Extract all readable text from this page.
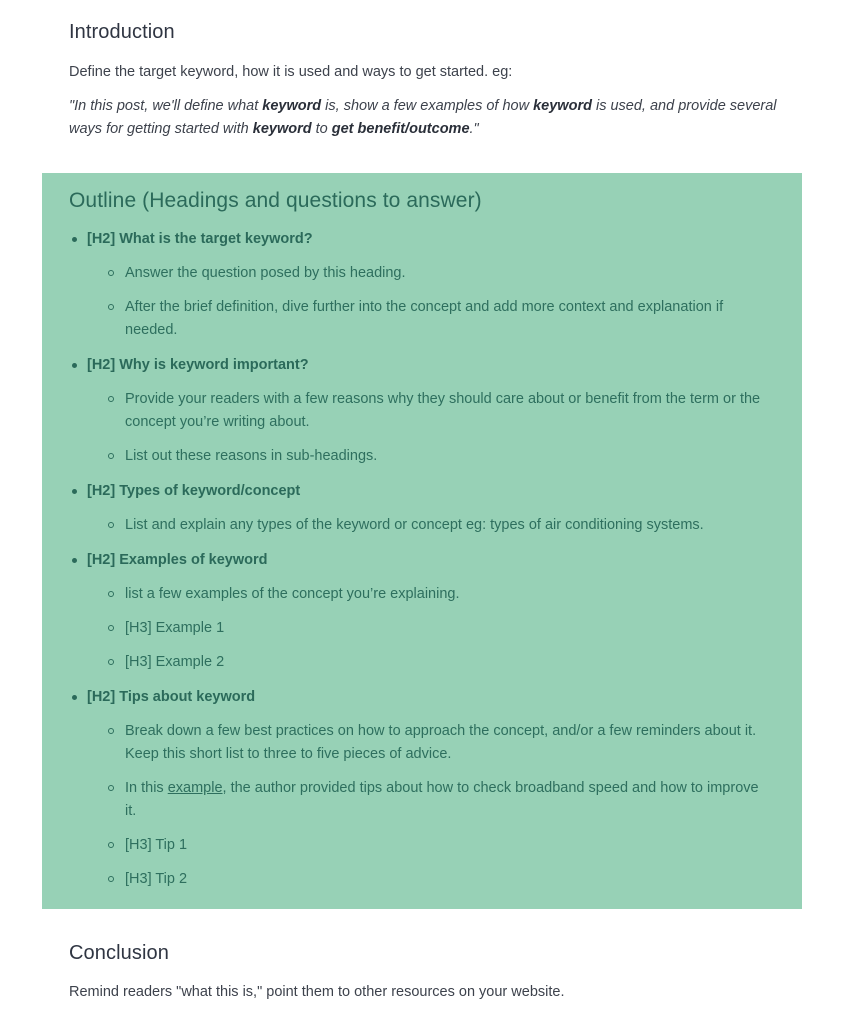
Introduction

Define the target keyword, how it is used and ways to get started. eg:

"In this post, we'll define what keyword is, show a few examples of how keyword is used, and provide several ways for getting started with keyword to get benefit/outcome."

Outline (Headings and questions to answer)
[H2] What is the target keyword?
Answer the question posed by this heading.
After the brief definition, dive further into the concept and add more context and explanation if needed.
[H2] Why is keyword important?
Provide your readers with a few reasons why they should care about or benefit from the term or the concept you’re writing about.
List out these reasons in sub-headings.
[H2] Types of keyword/concept
List and explain any types of the keyword or concept eg: types of air conditioning systems.
[H2] Examples of keyword
list a few examples of the concept you’re explaining.
[H3] Example 1
[H3] Example 2
[H2] Tips about keyword
Break down a few best practices on how to approach the concept, and/or a few reminders about it. Keep this short list to three to five pieces of advice.
In this example, the author provided tips about how to check broadband speed and how to improve it.
[H3] Tip 1
[H3] Tip 2
Conclusion

Remind readers "what this is," point them to other resources on your website.
